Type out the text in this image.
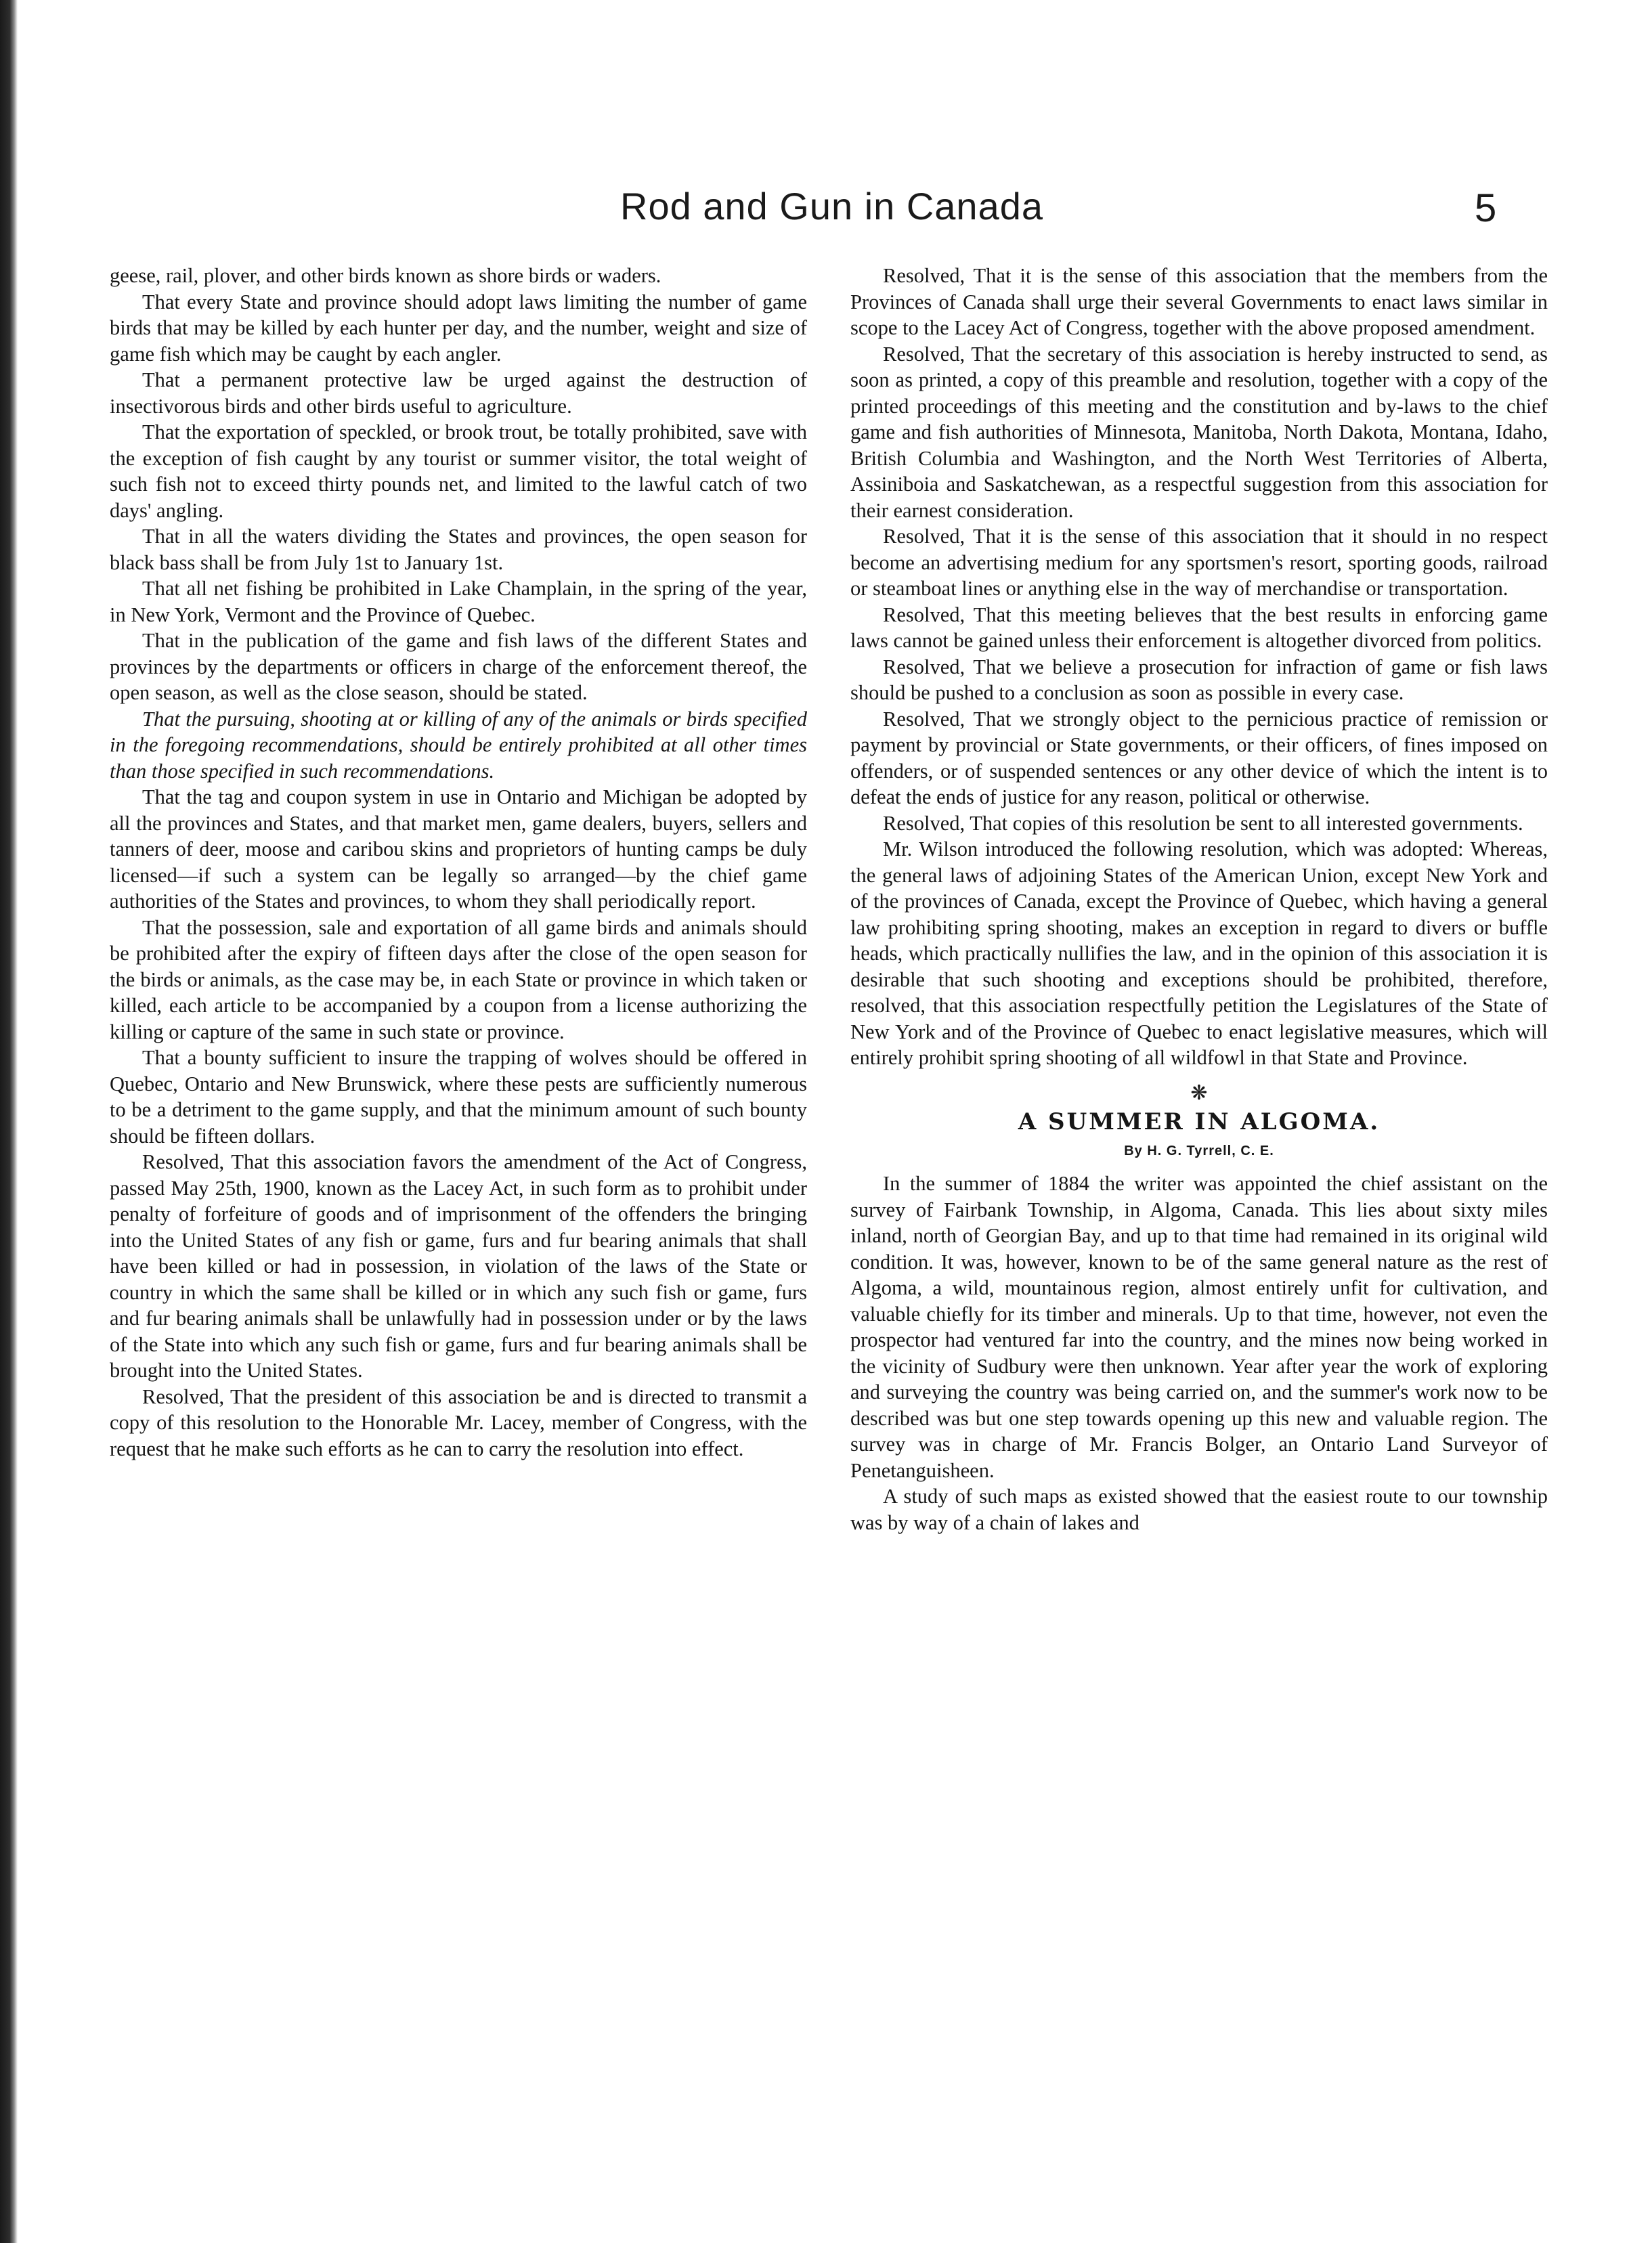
Rod and Gun in Canada	5

geese, rail, plover, and other birds known as shore birds or waders.

That every State and province should adopt laws limiting the number of game birds that may be killed by each hunter per day, and the number, weight and size of game fish which may be caught by each angler.

That a permanent protective law be urged against the destruction of insectivorous birds and other birds useful to agriculture.

That the exportation of speckled, or brook trout, be totally prohibited, save with the exception of fish caught by any tourist or summer visitor, the total weight of such fish not to exceed thirty pounds net, and limited to the lawful catch of two days' angling.

That in all the waters dividing the States and provinces, the open season for black bass shall be from July 1st to January 1st.

That all net fishing be prohibited in Lake Champlain, in the spring of the year, in New York, Vermont and the Province of Quebec.

That in the publication of the game and fish laws of the different States and provinces by the departments or officers in charge of the enforcement thereof, the open season, as well as the close season, should be stated.

That the pursuing, shooting at or killing of any of the animals or birds specified in the foregoing recommendations, should be entirely prohibited at all other times than those specified in such recommendations.

That the tag and coupon system in use in Ontario and Michigan be adopted by all the provinces and States, and that market men, game dealers, buyers, sellers and tanners of deer, moose and caribou skins and proprietors of hunting camps be duly licensed—if such a system can be legally so arranged—by the chief game authorities of the States and provinces, to whom they shall periodically report.

That the possession, sale and exportation of all game birds and animals should be prohibited after the expiry of fifteen days after the close of the open season for the birds or animals, as the case may be, in each State or province in which taken or killed, each article to be accompanied by a coupon from a license authorizing the killing or capture of the same in such state or province.

That a bounty sufficient to insure the trapping of wolves should be offered in Quebec, Ontario and New Brunswick, where these pests are sufficiently numerous to be a detriment to the game supply, and that the minimum amount of such bounty should be fifteen dollars.

Resolved, That this association favors the amendment of the Act of Congress, passed May 25th, 1900, known as the Lacey Act, in such form as to prohibit under penalty of forfeiture of goods and of imprisonment of the offenders the bringing into the United States of any fish or game, furs and fur bearing animals that shall have been killed or had in possession, in violation of the laws of the State or country in which the same shall be killed or in which any such fish or game, furs and fur bearing animals shall be unlawfully had in possession under or by the laws of the State into which any such fish or game, furs and fur bearing animals shall be brought into the United States.

Resolved, That the president of this association be and is directed to transmit a copy of this resolution to the Honorable Mr. Lacey, member of Congress, with the request that he make such efforts as he can to carry the resolution into effect.

Resolved, That it is the sense of this association that the members from the Provinces of Canada shall urge their several Governments to enact laws similar in scope to the Lacey Act of Congress, together with the above proposed amendment.

Resolved, That the secretary of this association is hereby instructed to send, as soon as printed, a copy of this preamble and resolution, together with a copy of the printed proceedings of this meeting and the constitution and by-laws to the chief game and fish authorities of Minnesota, Manitoba, North Dakota, Montana, Idaho, British Columbia and Washington, and the North West Territories of Alberta, Assiniboia and Saskatchewan, as a respectful suggestion from this association for their earnest consideration.

Resolved, That it is the sense of this association that it should in no respect become an advertising medium for any sportsmen's resort, sporting goods, railroad or steamboat lines or anything else in the way of merchandise or transportation.

Resolved, That this meeting believes that the best results in enforcing game laws cannot be gained unless their enforcement is altogether divorced from politics.

Resolved, That we believe a prosecution for infraction of game or fish laws should be pushed to a conclusion as soon as possible in every case.

Resolved, That we strongly object to the pernicious practice of remission or payment by provincial or State governments, or their officers, of fines imposed on offenders, or of suspended sentences or any other device of which the intent is to defeat the ends of justice for any reason, political or otherwise.

Resolved, That copies of this resolution be sent to all interested governments.

Mr. Wilson introduced the following resolution, which was adopted: Whereas, the general laws of adjoining States of the American Union, except New York and of the provinces of Canada, except the Province of Quebec, which having a general law prohibiting spring shooting, makes an exception in regard to divers or buffle heads, which practically nullifies the law, and in the opinion of this association it is desirable that such shooting and exceptions should be prohibited, therefore, resolved, that this association respectfully petition the Legislatures of the State of New York and of the Province of Quebec to enact legislative measures, which will entirely prohibit spring shooting of all wildfowl in that State and Province.

❋
A SUMMER IN ALGOMA.
By H. G. Tyrrell, C. E.

In the summer of 1884 the writer was appointed the chief assistant on the survey of Fairbank Township, in Algoma, Canada. This lies about sixty miles inland, north of Georgian Bay, and up to that time had remained in its original wild condition. It was, however, known to be of the same general nature as the rest of Algoma, a wild, mountainous region, almost entirely unfit for cultivation, and valuable chiefly for its timber and minerals. Up to that time, however, not even the prospector had ventured far into the country, and the mines now being worked in the vicinity of Sudbury were then unknown. Year after year the work of exploring and surveying the country was being carried on, and the summer's work now to be described was but one step towards opening up this new and valuable region. The survey was in charge of Mr. Francis Bolger, an Ontario Land Surveyor of Penetanguisheen.

A study of such maps as existed showed that the easiest route to our township was by way of a chain of lakes and
